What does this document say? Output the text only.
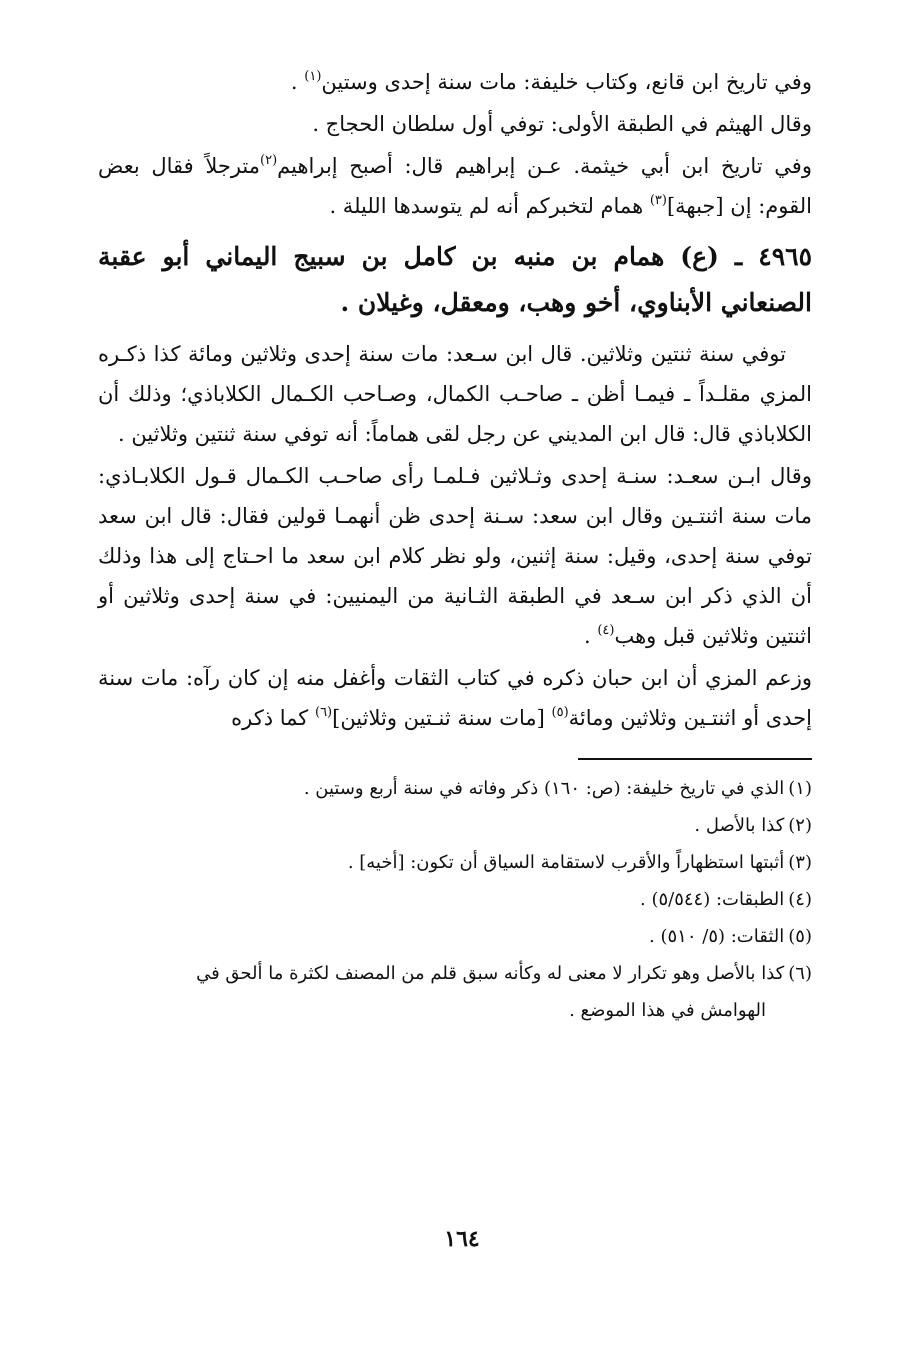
وفي تاريخ ابن قانع، وكتاب خليفة: مات سنة إحدى وستين$^{(١)}$ .

وقال الهيثم في الطبقة الأولى: توفي أول سلطان الحجاج .

وفي تاريخ ابن أبي خيثمة. عـن إبراهيم قال: أصبح إبراهيم$^{(٢)}$مترجلاً فقال بعض القوم: إن [جبهة]$^{(٣)}$ همام لتخبركم أنه لم يتوسدها الليلة .

٤٩٦٥ ـ (ع) همام بن منبه بن كامل بن سبيج اليماني أبو عقبة الصنعاني الأبناوي، أخو وهب، ومعقل، وغيلان .

توفي سنة ثنتين وثلاثين. قال ابن سـعد: مات سنة إحدى وثلاثين ومائة كذا ذكـره المزي مقلـداً ـ فيمـا أظن ـ صاحـب الكمال، وصـاحب الكـمال الكلاباذي؛ وذلك أن الكلاباذي قال: قال ابن المديني عن رجل لقى هماماً: أنه توفي سنة ثنتين وثلاثين .

وقال ابـن سعـد: سنـة إحدى وثـلاثين فـلمـا رأى صاحـب الكـمال قـول الكلابـاذي: مات سنة اثنتـين وقال ابن سعد: سـنة إحدى ظن أنهمـا قولين فقال: قال ابن سعد توفي سنة إحدى، وقيل: سنة إثنين، ولو نظر كلام ابن سعد ما احـتاج إلى هذا وذلك أن الذي ذكر ابن سـعد في الطبقة الثـانية من اليمنيين: في سنة إحدى وثلاثين أو اثنتين وثلاثين قبل وهب$^{(٤)}$ .

وزعم المزي أن ابن حبان ذكره في كتاب الثقات وأغفل منه إن كان رآه: مات سنة إحدى أو اثنتـين وثلاثين ومائة$^{(٥)}$ [مات سنة ثنـتين وثلاثين]$^{(٦)}$ كما ذكره

(١)الذي في تاريخ خليفة: (ص: ١٦٠) ذكر وفاته في سنة أربع وستين .
(٢)كذا بالأصل .
(٣)أثبتها استظهاراً والأقرب لاستقامة السياق أن تكون: [أخيه] .
(٤)الطبقات: (٥/٥٤٤) .
(٥)الثقات: (٥/ ٥١٠) .
(٦)كذا بالأصل وهو تكرار لا معنى له وكأنه سبق قلم من المصنف لكثرة ما ألحق في
الهوامش في هذا الموضع .
١٦٤
